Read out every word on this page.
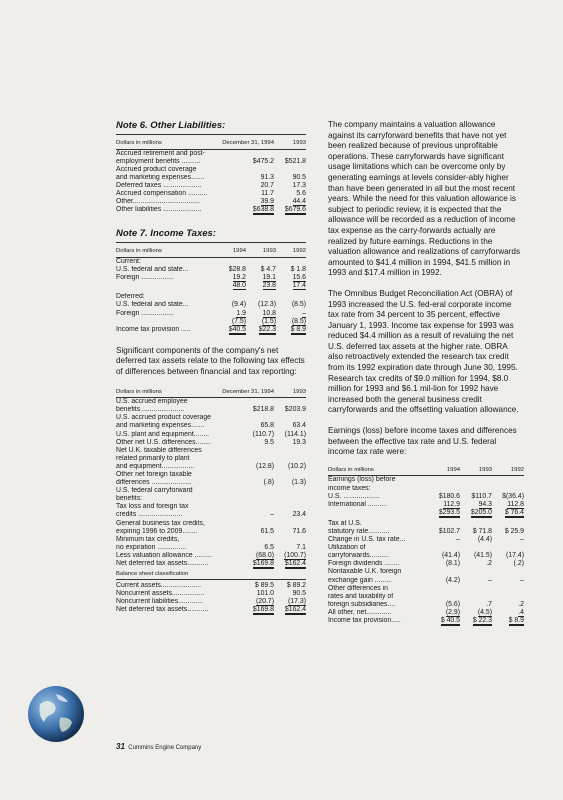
Note 6. Other Liabilities:
Dollars in millions	December 31, 1994	1993
Accrued retirement and post-		
employment benefits ..........	$475.2	$521.8
Accrued product coverage		
and marketing expenses.......	91.3	90.5
Deferred taxes ....................	20.7	17.3
Accrued compensation ..........	11.7	5.6
Other...................................	39.9	44.4
Other liabilities ....................	$638.8	$679.6
Note 7. Income Taxes:
Dollars in millions	1994	1993	1992
Current:			
U.S. federal and state...	$28.8	$ 4.7	$ 1.8
Foreign .................	19.2	19.1	15.6
	48.0	23.8	17.4

Deferred:			
U.S. federal and state...	(9.4)	(12.3)	(8.5)
Foreign .................	1.9	10.8	–
	(7.5)	(1.5)	(8.5)
Income tax provision .....	$40.5	$22.3	$ 8.9

Significant components of the company's net deferred tax assets relate to the following tax effects of differences between financial and tax reporting:

Dollars in millions	December 31, 1994	1993
U.S. accrued employee		
benefits ......................	$218.8	$203.9
U.S. accrued product coverage		
and marketing expenses.......	65.8	63.4
U.S. plant and equipment........	(110.7)	(114.1)
Other net U.S. differences........	9.5	19.3
Net U.K. taxable differences		
related primarily to plant		
and equipment.................	(12.8)	(10.2)
Other net foreign taxable		
differences .....................	(.8)	(1.3)
U.S. federal carryforward		
benefits:		
Tax loss and foreign tax		
credits .......................	–	23.4
General business tax credits,		
expiring 1996 to 2009........	61.5	71.6
Minimum tax credits,		
no expiration ...............	6.5	7.1
Less valuation allowance .........	(68.0)	(100.7)
Net deferred tax assets...........	$169.8	$162.4
Balance sheet classification
Current assets.....................	$ 89.5	$ 89.2
Noncurrent assets.................	101.0	90.5
Noncurrent liabilities.............	(20.7)	(17.3)
Net deferred tax assets...........	$169.8	$162.4

The company maintains a valuation allowance against its carryforward benefits that have not yet been realized because of previous unprofitable operations. These carryforwards have significant usage limitations which can be overcome only by generating earnings at levels consider-ably higher than have been generated in all but the most recent years. While the need for this valuation allowance is subject to periodic review, it is expected that the allowance will be recorded as a reduction of income tax expense as the carry-forwards actually are realized by future earnings. Reductions in the valuation allowance and realizations of carryforwards amounted to $41.4 million in 1994, $41.5 million in 1993 and $17.4 million in 1992.

The Omnibus Budget Reconciliation Act (OBRA) of 1993 increased the U.S. fed-eral corporate income tax rate from 34 percent to 35 percent, effective January 1, 1993. Income tax expense for 1993 was reduced $4.4 million as a result of revaluing the net U.S. deferred tax assets at the higher rate. OBRA also retroactively extended the research tax credit from its 1992 expiration date through June 30, 1995. Research tax credits of $9.0 million for 1994, $8.0 million for 1993 and $6.1 mil-lion for 1992 have increased both the general business credit carryforwards and the offsetting valuation allowance.

Earnings (loss) before income taxes and differences between the effective tax rate and U.S. federal income tax rate were:

Dollars in millions	1994	1993	1992
Earnings (loss) before			
income taxes:			
U.S. ...................	$180.6	$110.7	$(36.4)
International ..........	112.9	94.3	112.8
	$293.5	$205.0	$ 76.4

Tax at U.S.			
statutory rate...........	$102.7	$ 71.8	$ 25.9
Change in U.S. tax rate...	–	(4.4)	–
Utilization of			
carryforwards..........	(41.4)	(41.5)	(17.4)
Foreign dividends ........	(8.1)	.2	(.2)
Nontaxable U.K. foreign			
exchange gain .........	(4.2)	–	–
Other differences in			
rates and taxability of			
foreign subsidiaries....	(5.6)	.7	.2
All other, net.............	(2.9)	(4.5)	.4
Income tax provision.....	$ 40.5	$ 22.3	$ 8.9
31 Cummins Engine Company
